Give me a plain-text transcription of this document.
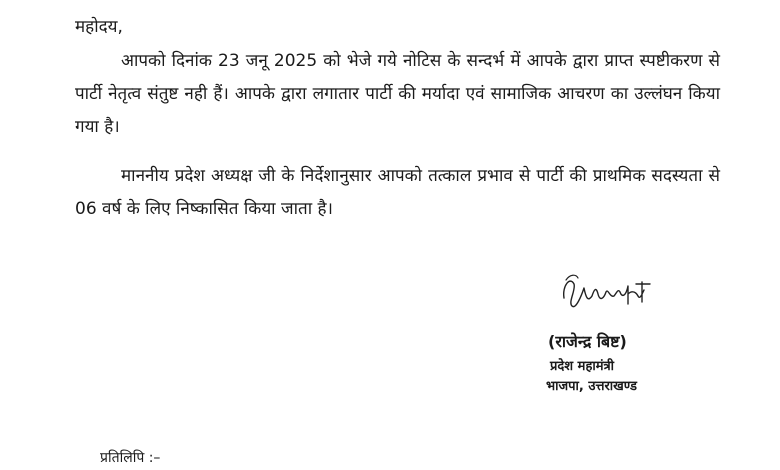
महोदय,

आपको दिनांक 23 जनू 2025 को भेजे गये नोटिस के सन्दर्भ में आपके द्वारा प्राप्त स्पष्टीकरण से पार्टी नेतृत्व संतुष्ट नही हैं। आपके द्वारा लगातार पार्टी की मर्यादा एवं सामाजिक आचरण का उल्लंघन किया गया है।

माननीय प्रदेश अध्यक्ष जी के निर्देशानुसार आपको तत्काल प्रभाव से पार्टी की प्राथमिक सदस्यता से 06 वर्ष के लिए निष्कासित किया जाता है।

(राजेन्द्र बिष्ट)
प्रदेश महामंत्री
भाजपा, उत्तराखण्ड
प्रतिलिपि :–
